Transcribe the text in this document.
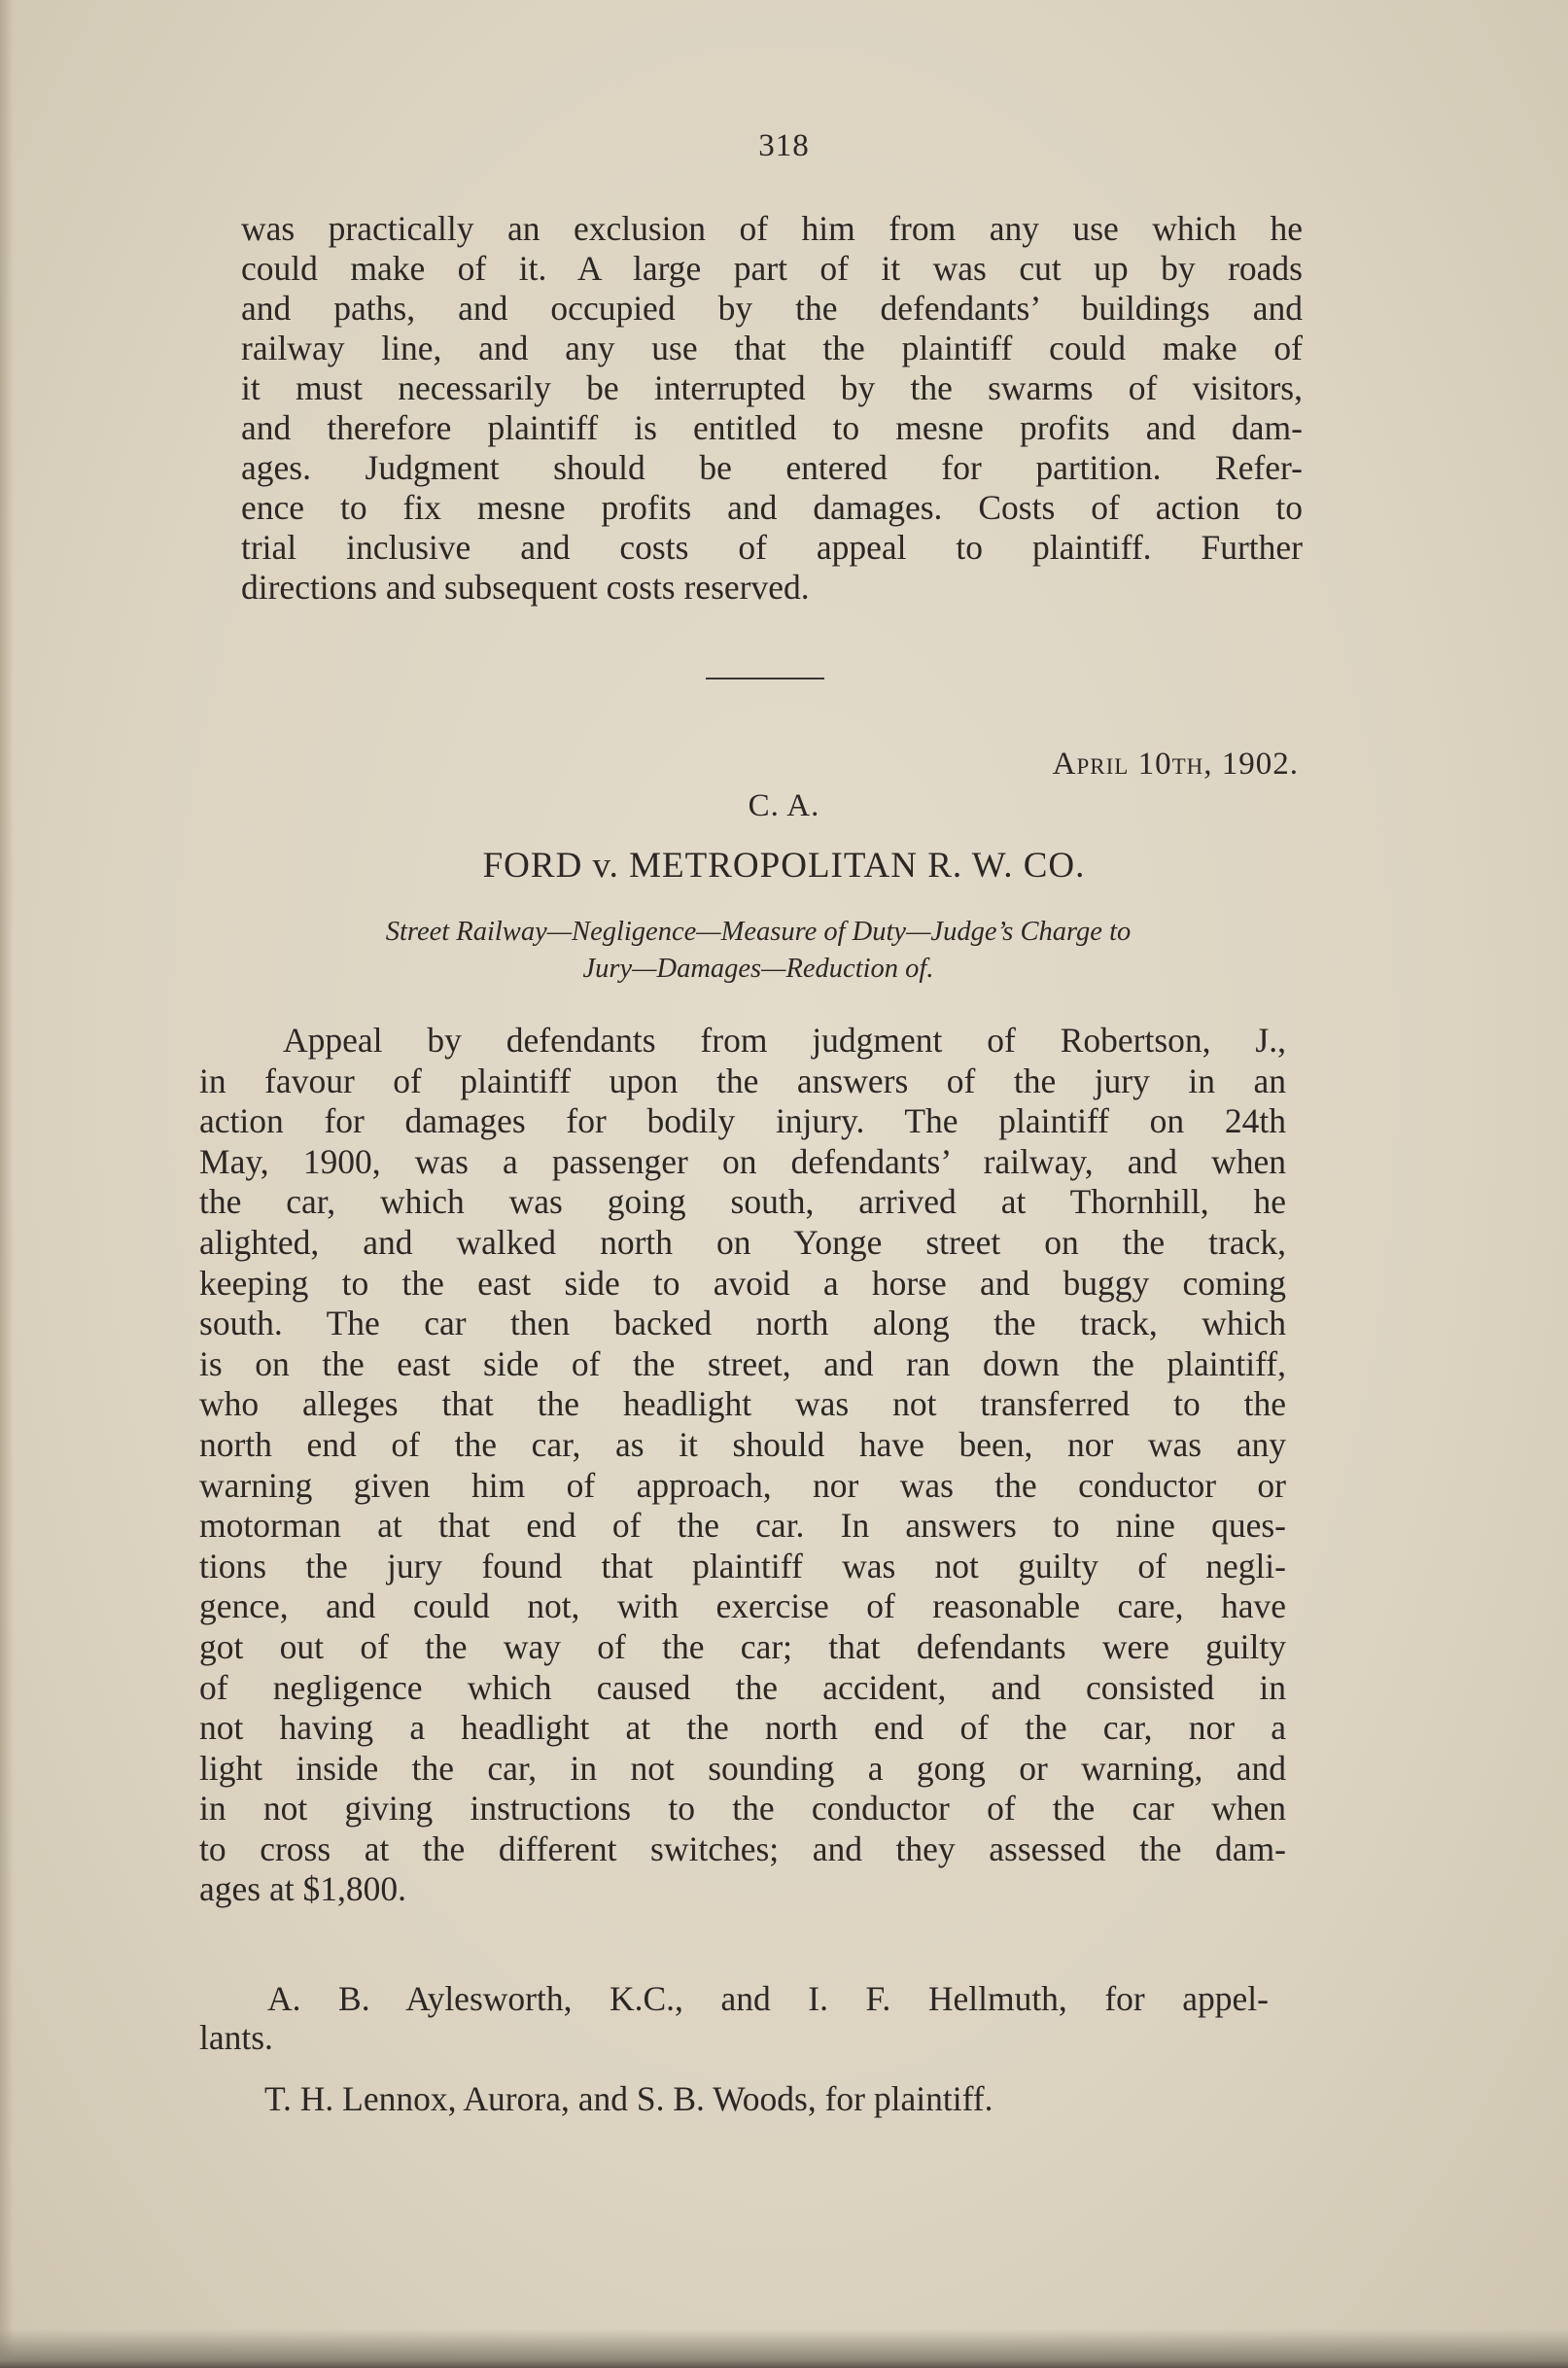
318

was practically an exclusion of him from any use which he
could make of it. A large part of it was cut up by roads
and paths, and occupied by the defendants’ buildings and
railway line, and any use that the plaintiff could make of
it must necessarily be interrupted by the swarms of visitors,
and therefore plaintiff is entitled to mesne profits and dam-
ages. Judgment should be entered for partition. Refer-
ence to fix mesne profits and damages. Costs of action to
trial inclusive and costs of appeal to plaintiff. Further
directions and subsequent costs reserved.

April 10th, 1902.
C. A.
FORD v. METROPOLITAN R. W. CO.
Street Railway—Negligence—Measure of Duty—Judge’s Charge to
Jury—Damages—Reduction of.

Appeal by defendants from judgment of Robertson, J.,
in favour of plaintiff upon the answers of the jury in an
action for damages for bodily injury. The plaintiff on 24th
May, 1900, was a passenger on defendants’ railway, and when
the car, which was going south, arrived at Thornhill, he
alighted, and walked north on Yonge street on the track,
keeping to the east side to avoid a horse and buggy coming
south. The car then backed north along the track, which
is on the east side of the street, and ran down the plaintiff,
who alleges that the headlight was not transferred to the
north end of the car, as it should have been, nor was any
warning given him of approach, nor was the conductor or
motorman at that end of the car. In answers to nine ques-
tions the jury found that plaintiff was not guilty of negli-
gence, and could not, with exercise of reasonable care, have
got out of the way of the car; that defendants were guilty
of negligence which caused the accident, and consisted in
not having a headlight at the north end of the car, nor a
light inside the car, in not sounding a gong or warning, and
in not giving instructions to the conductor of the car when
to cross at the different switches; and they assessed the dam-
ages at $1,800.

A. B. Aylesworth, K.C., and I. F. Hellmuth, for appel-
lants.
T. H. Lennox, Aurora, and S. B. Woods, for plaintiff.
